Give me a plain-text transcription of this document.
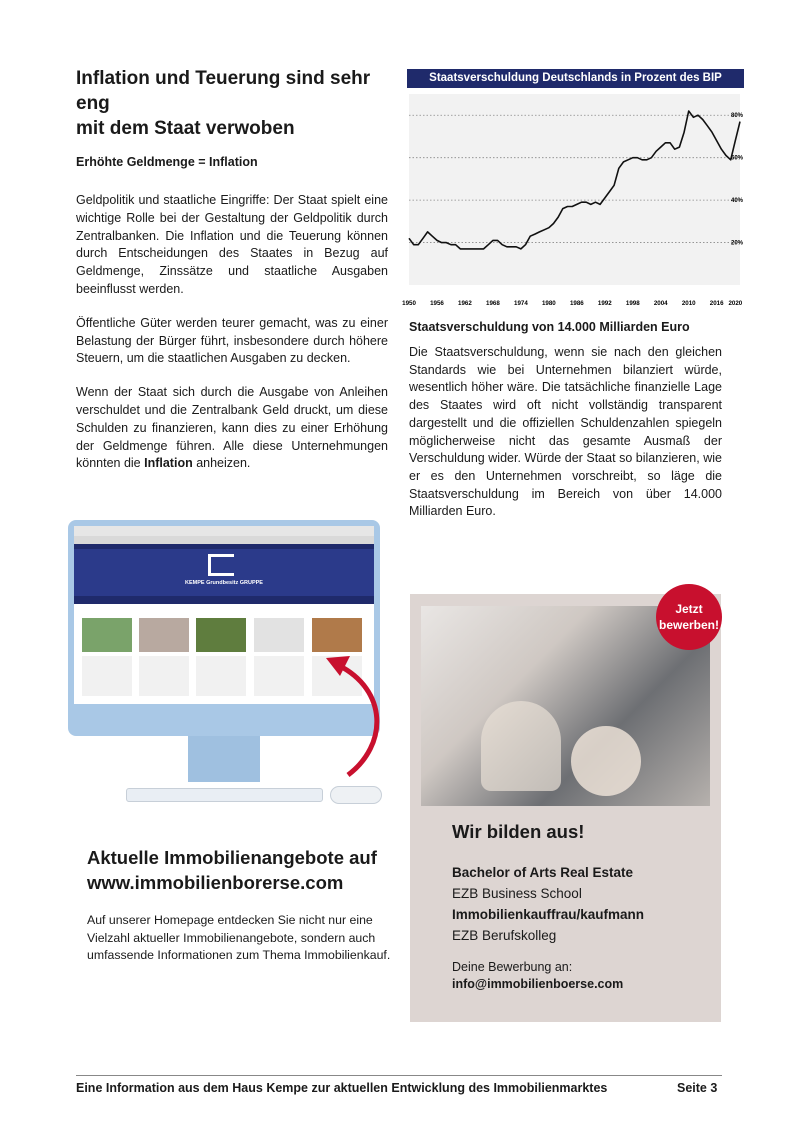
Inflation und Teuerung sind sehr eng
mit dem Staat verwoben
Erhöhte Geldmenge = Inflation

Geldpolitik und staatliche Eingriffe: Der Staat spielt eine wichtige Rolle bei der Gestaltung der Geldpolitik durch Zentralbanken. Die Inflation und die Teuerung können durch Entscheidungen des Staates in Bezug auf Geldmenge, Zinssätze und staatliche Ausgaben beeinflusst werden.

Öffentliche Güter werden teurer gemacht, was zu einer Belastung der Bürger führt, insbesondere durch höhere Steuern, um die staatlichen Ausgaben zu decken.

Wenn der Staat sich durch die Ausgabe von Anleihen verschuldet und die Zentralbank Geld druckt, um diese Schulden zu finanzieren, kann dies zu einer Erhöhung der Geldmenge führen. Alle diese Unternehmungen könnten die Inflation anheizen.

Staatsverschuldung Deutschlands in Prozent des BIP
20%
40%
60%
80%
1950 1956 1962 1968 1974 1980 1986 1992 1998 2004 2010 2016 2020
Staatsverschuldung von 14.000 Milliarden Euro

Die Staatsverschuldung, wenn sie nach den gleichen Standards wie bei Unternehmen bilanziert würde, wesentlich höher wäre. Die tatsächliche finanzielle Lage des Staates wird oft nicht vollständig transparent dargestellt und die offiziellen Schuldenzahlen spiegeln möglicherweise nicht das gesamte Ausmaß der Verschuldung wider. Würde der Staat so bilanzieren, wie er es den Unternehmen vorschreibt, so läge die Staatsverschuldung im Bereich von über 14.000 Milliarden Euro.

KEMPE Grundbesitz GRUPPE
Aktuelle Immobilienangebote auf
www.immobilienborerse.com

Auf unserer Homepage entdecken Sie nicht nur eine Vielzahl aktueller Immobilienangebote, sondern auch umfassende Informationen zum Thema Immobilienkauf.

Wir bilden aus!
Bachelor of Arts Real Estate
EZB Business School
Immobilienkauffrau/kaufmann
EZB Berufskolleg
Deine Bewerbung an:
info@immobilienboerse.com
Jetzt
bewerben!
Eine Information aus dem Haus Kempe zur aktuellen Entwicklung des Immobilienmarktes	Seite 3
